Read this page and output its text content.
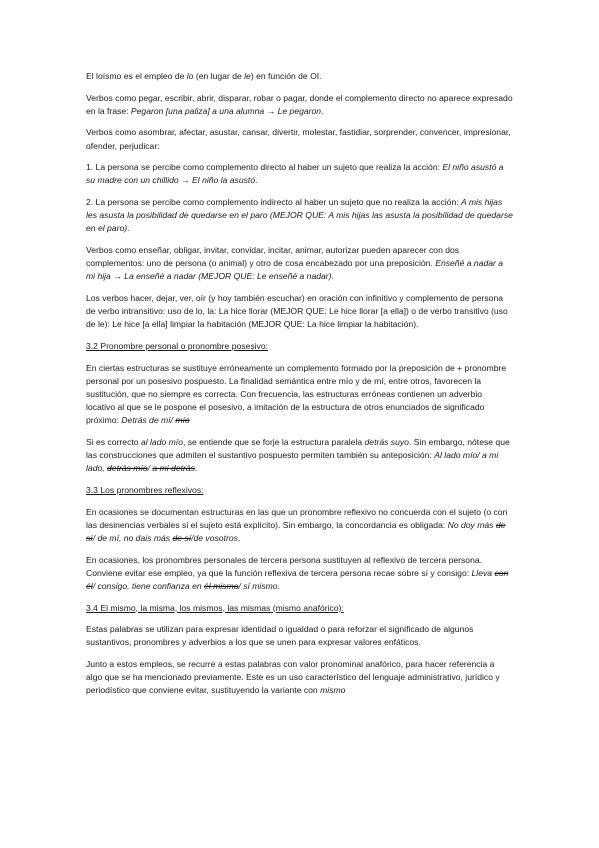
El loísmo es el empleo de lo (en lugar de le) en función de OI.

Verbos como pegar, escribir, abrir, disparar, robar o pagar, donde el complemento directo no aparece expresado en la frase: Pegaron [una paliza] a una alumna → Le pegaron.

Verbos como asombrar, afectar, asustar, cansar, divertir, molestar, fastidiar, sorprender, convencer, impresionar, ofender, perjudicar:

1. La persona se percibe como complemento directo al haber un sujeto que realiza la acción: El niño asustó a su madre con un chillido → El niño la asustó.

2. La persona se percibe como complemento indirecto al haber un sujeto que no realiza la acción: A mis hijas les asusta la posibilidad de quedarse en el paro (MEJOR QUE: A mis hijas las asusta la posibilidad de quedarse en el paro).

Verbos como enseñar, obligar, invitar, convidar, incitar, animar, autorizar pueden aparecer con dos complementos: uno de persona (o animal) y otro de cosa encabezado por una preposición. Enseñé a nadar a mi hija → La enseñé a nadar (MEJOR QUE: Le enseñé a nadar).

Los verbos hacer, dejar, ver, oír (y hoy también escuchar) en oración con infinitivo y complemento de persona de verbo intransitivo: uso de lo, la: La hice llorar (MEJOR QUE: Le hice llorar [a ella]) o de verbo transitivo (uso de le): Le hice [a ella] limpiar la habitación (MEJOR QUE: La hice limpiar la habitación).

3.2 Pronombre personal o pronombre posesivo:

En ciertas estructuras se sustituye erróneamente un complemento formado por la preposición de + pronombre personal por un posesivo pospuesto. La finalidad semántica entre mío y de mí, entre otros, favorecen la sustitución, que no siempre es correcta. Con frecuencia, las estructuras erróneas contienen un adverbio locativo al que se le pospone el posesivo, a imitación de la estructura de otros enunciados de significado próximo: Detrás de mí/ mío

Si es correcto al lado mío, se entiende que se forje la estructura paralela detrás suyo. Sin embargo, nótese que las construcciones que admiten el sustantivo pospuesto permiten también su anteposición: Al lado mío/ a mi lado, detrás mío/ a mi detrás.

3.3 Los pronombres reflexivos:

En ocasiones se documentan estructuras en las que un pronombre reflexivo no concuerda con el sujeto (o con las desinencias verbales si el sujeto está explícito). Sin embargo, la concordancia es obligada: No doy más de sí/ de mí, no dais más de sí/de vosotros.

En ocasiones, los pronombres personales de tercera persona sustituyen al reflexivo de tercera persona. Conviene evitar ese empleo, ya que la función reflexiva de tercera persona recae sobre sí y consigo: Lleva con él/ consigo, tiene confianza en él mismo/ sí mismo.

3.4 El mismo, la misma, los mismos, las mismas (mismo anafórico):

Estas palabras se utilizan para expresar identidad o igualdad o para reforzar el significado de algunos sustantivos, pronombres y adverbios a los que se unen para expresar valores enfáticos.

Junto a estos empleos, se recurre a estas palabras con valor pronominal anafórico, para hacer referencia a algo que se ha mencionado previamente. Este es un uso característico del lenguaje administrativo, jurídico y periodístico que conviene evitar, sustituyendo la variante con mismo
